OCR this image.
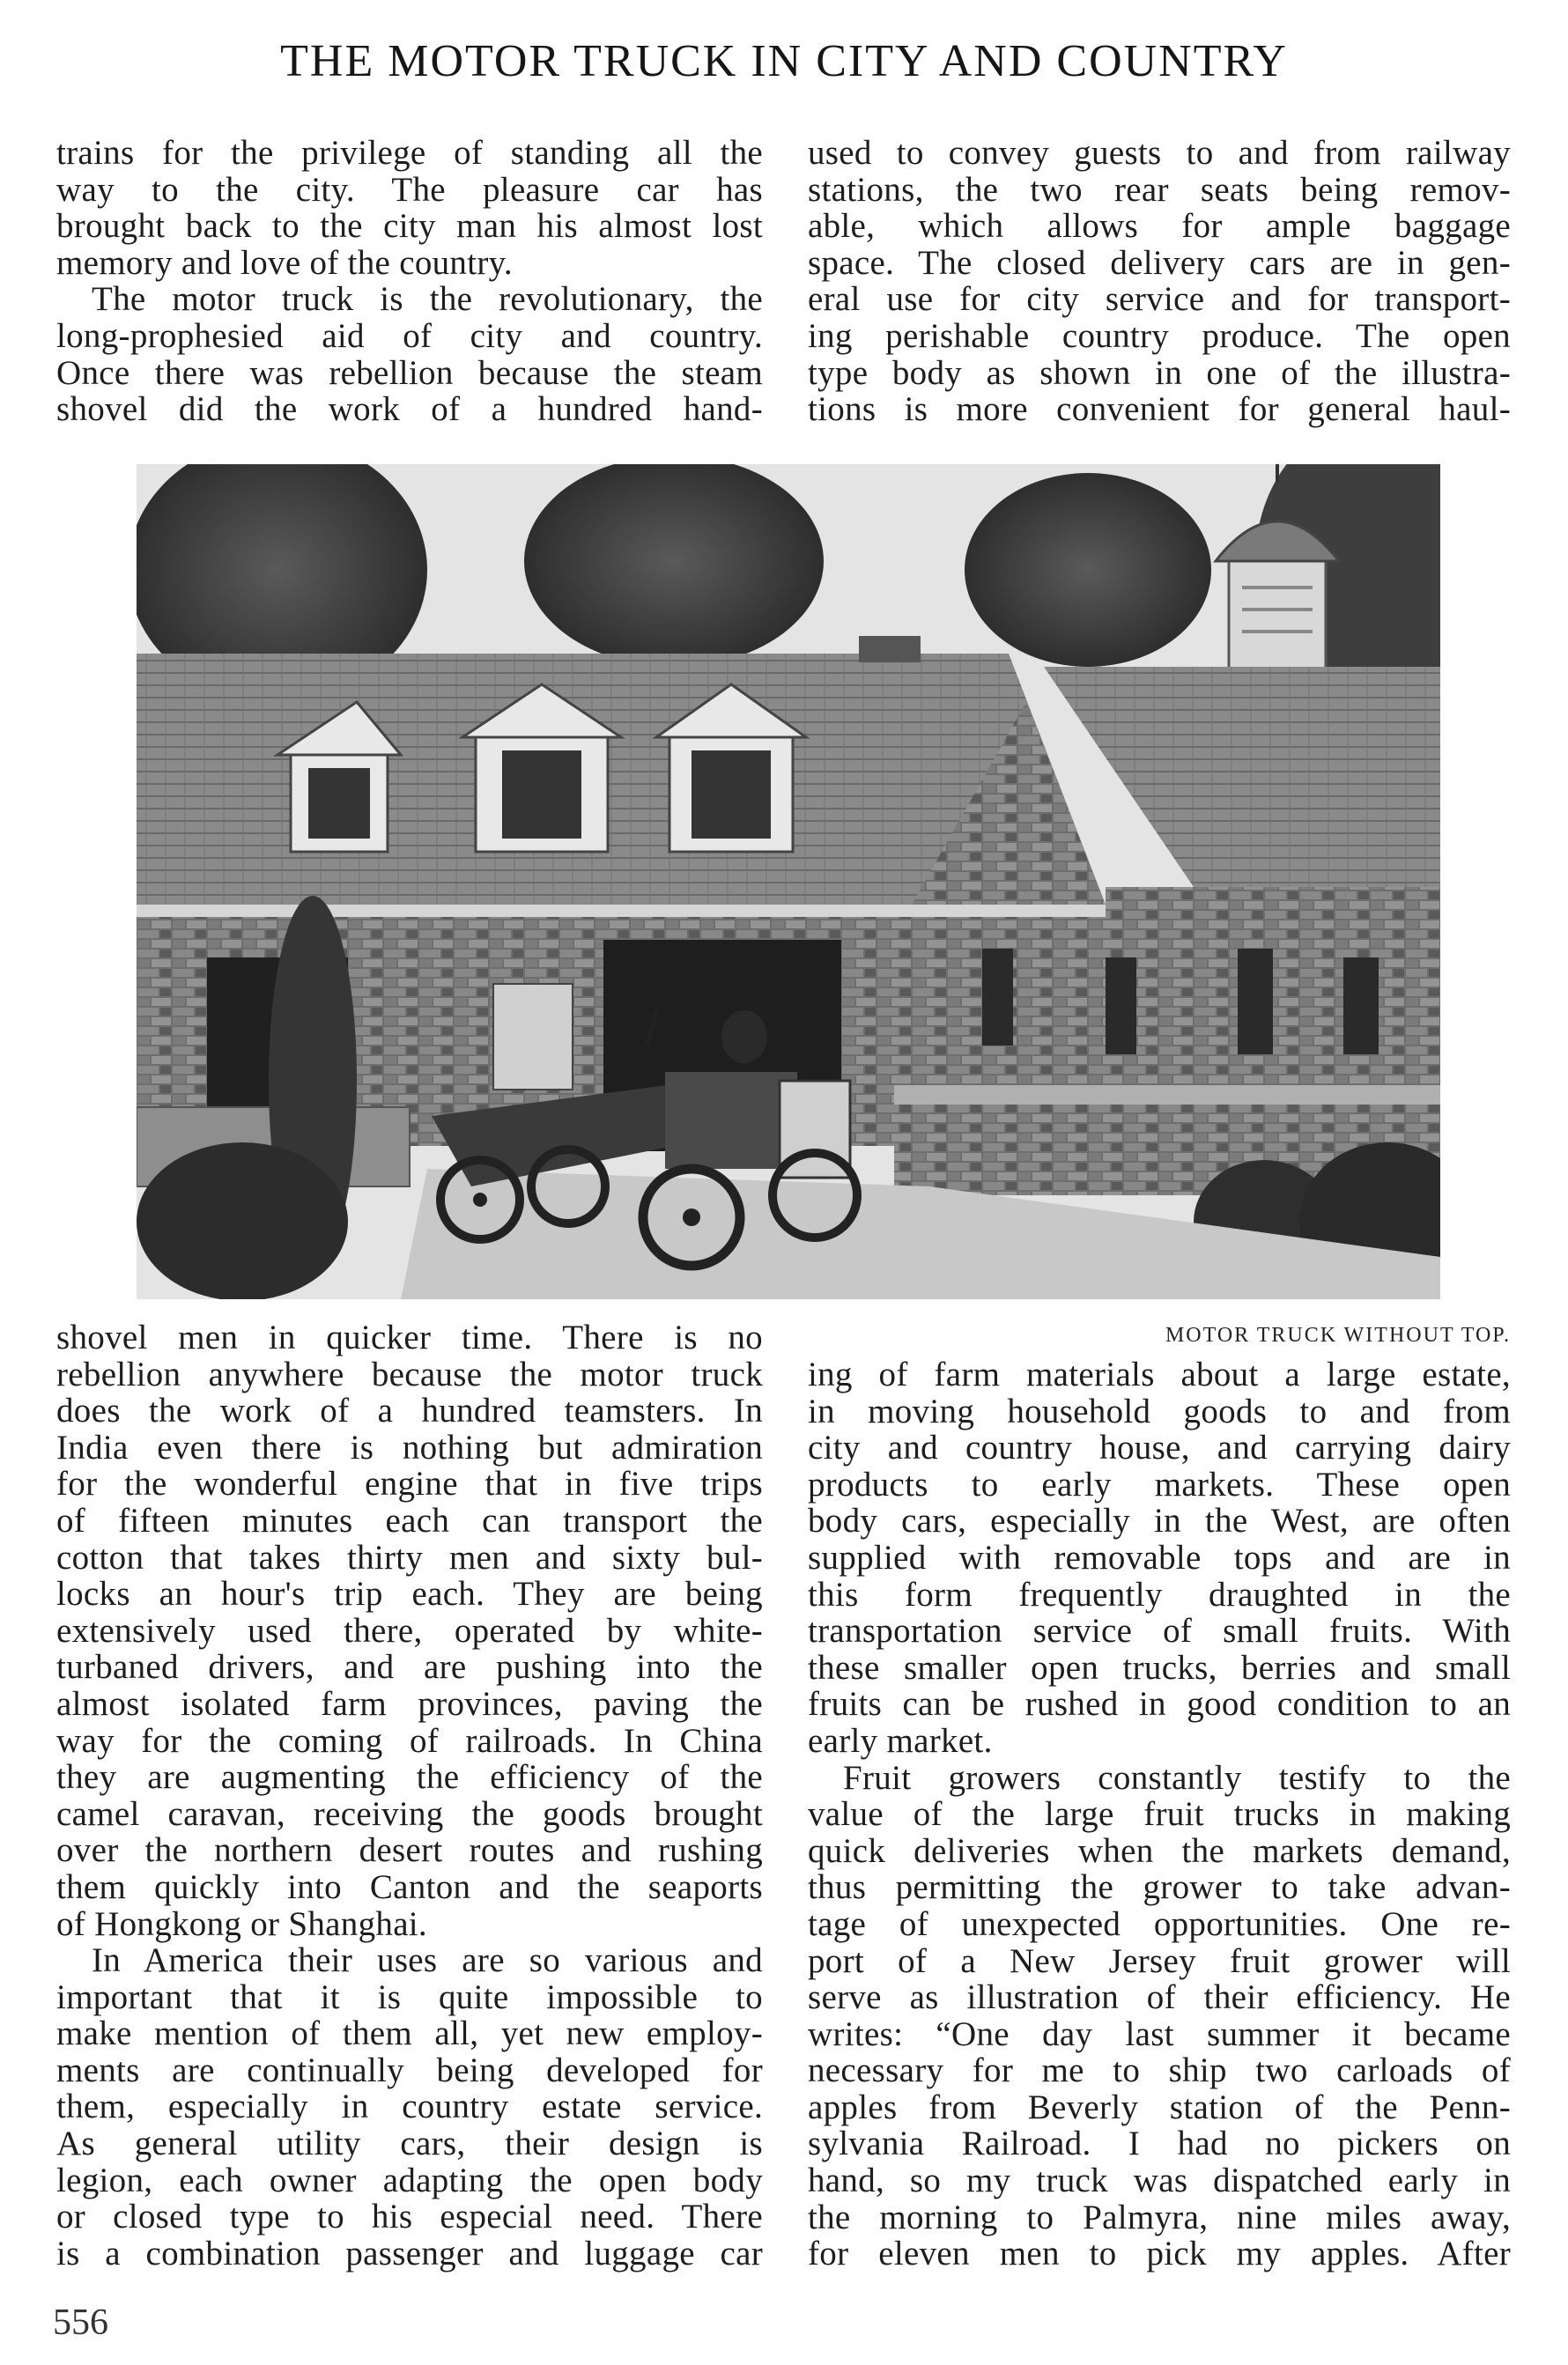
THE MOTOR TRUCK IN CITY AND COUNTRY
trains for the privilege of standing all the
way to the city. The pleasure car has
brought back to the city man his almost lost
memory and love of the country.
The motor truck is the revolutionary, the
long-prophesied aid of city and country.
Once there was rebellion because the steam
shovel did the work of a hundred hand-
used to convey guests to and from railway
stations, the two rear seats being remov-
able, which allows for ample baggage
space. The closed delivery cars are in gen-
eral use for city service and for transport-
ing perishable country produce. The open
type body as shown in one of the illustra-
tions is more convenient for general haul-
MOTOR TRUCK WITHOUT TOP.
shovel men in quicker time. There is no
rebellion anywhere because the motor truck
does the work of a hundred teamsters. In
India even there is nothing but admiration
for the wonderful engine that in five trips
of fifteen minutes each can transport the
cotton that takes thirty men and sixty bul-
locks an hour's trip each. They are being
extensively used there, operated by white-
turbaned drivers, and are pushing into the
almost isolated farm provinces, paving the
way for the coming of railroads. In China
they are augmenting the efficiency of the
camel caravan, receiving the goods brought
over the northern desert routes and rushing
them quickly into Canton and the seaports
of Hongkong or Shanghai.
In America their uses are so various and
important that it is quite impossible to
make mention of them all, yet new employ-
ments are continually being developed for
them, especially in country estate service.
As general utility cars, their design is
legion, each owner adapting the open body
or closed type to his especial need. There
is a combination passenger and luggage car
ing of farm materials about a large estate,
in moving household goods to and from
city and country house, and carrying dairy
products to early markets. These open
body cars, especially in the West, are often
supplied with removable tops and are in
this form frequently draughted in the
transportation service of small fruits. With
these smaller open trucks, berries and small
fruits can be rushed in good condition to an
early market.
Fruit growers constantly testify to the
value of the large fruit trucks in making
quick deliveries when the markets demand,
thus permitting the grower to take advan-
tage of unexpected opportunities. One re-
port of a New Jersey fruit grower will
serve as illustration of their efficiency. He
writes: “One day last summer it became
necessary for me to ship two carloads of
apples from Beverly station of the Penn-
sylvania Railroad. I had no pickers on
hand, so my truck was dispatched early in
the morning to Palmyra, nine miles away,
for eleven men to pick my apples. After
556
